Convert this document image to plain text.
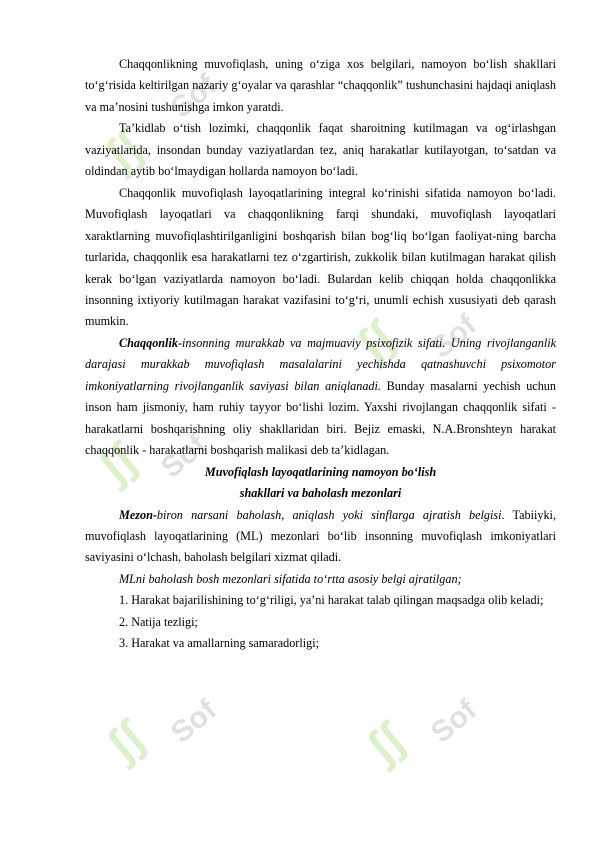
ʃʃ
Sof
ʃʃ Sof
ʃʃ Sof
ʃʃ Sof	ʃʃ Sof

Chaqqonlikning muvofiqlash, uning o‘ziga xos belgilari, namoyon bo‘lish shakllari to‘g‘risida keltirilgan nazariy g‘oyalar va qarashlar “chaqqonlik” tushunchasini hajdaqi aniqlash va ma’nosini tushunishga imkon yaratdi.

Ta’kidlab o‘tish lozimki, chaqqonlik faqat sharoitning kutilmagan va og‘irlashgan vaziyatlarida, insondan bunday vaziyatlardan tez, aniq harakatlar kutilayotgan, to‘satdan va oldindan aytib bo‘lmaydigan hollarda namoyon bo‘ladi.

Chaqqonlik muvofiqlash layoqatlarining integral ko‘rinishi sifatida namoyon bo‘ladi. Muvofiqlash layoqatlari va chaqqonlikning farqi shundaki, muvofiqlash layoqatlari xaraktlarning muvofiqlashtirilganligini boshqarish bilan bog‘liq bo‘lgan faoliyat-ning barcha turlarida, chaqqonlik esa harakatlarni tez o‘zgartirish, zukkolik bilan kutilmagan harakat qilish kerak bo‘lgan vaziyatlarda namoyon bo‘ladi. Bulardan kelib chiqqan holda chaqqonlikka insonning ixtiyoriy kutilmagan harakat vazifasini to‘g‘ri, unumli echish xususiyati deb qarash mumkin.

Chaqqonlik-insonning murakkab va majmuaviy psixofizik sifati. Uning rivojlanganlik darajasi murakkab muvofiqlash masalalarini yechishda qatnashuvchi psixomotor imkoniyatlarning rivojlanganlik saviyasi bilan aniqlanadi. Bunday masalarni yechish uchun inson ham jismoniy, ham ruhiy tayyor bo‘lishi lozim. Yaxshi rivojlangan chaqqonlik sifati - harakatlarni boshqarishning oliy shakllaridan biri. Bejiz emaski, N.A.Bronshteyn harakat chaqqonlik - harakatlarni boshqarish malikasi deb ta’kidlagan.

Muvofiqlash layoqatlarining namoyon bo‘lish

shakllari va baholash mezonlari

Mezon-biron narsani baholash, aniqlash yoki sinflarga ajratish belgisi. Tabiiyki, muvofiqlash layoqatlarining (ML) mezonlari bo‘lib insonning muvofiqlash imkoniyatlari saviyasini o‘lchash, baholash belgilari xizmat qiladi.

MLni baholash bosh mezonlari sifatida to‘rtta asosiy belgi ajratilgan;

1. Harakat bajarilishining to‘g‘riligi, ya’ni harakat talab qilingan maqsadga olib keladi;

2. Natija tezligi;

3. Harakat va amallarning samaradorligi;
